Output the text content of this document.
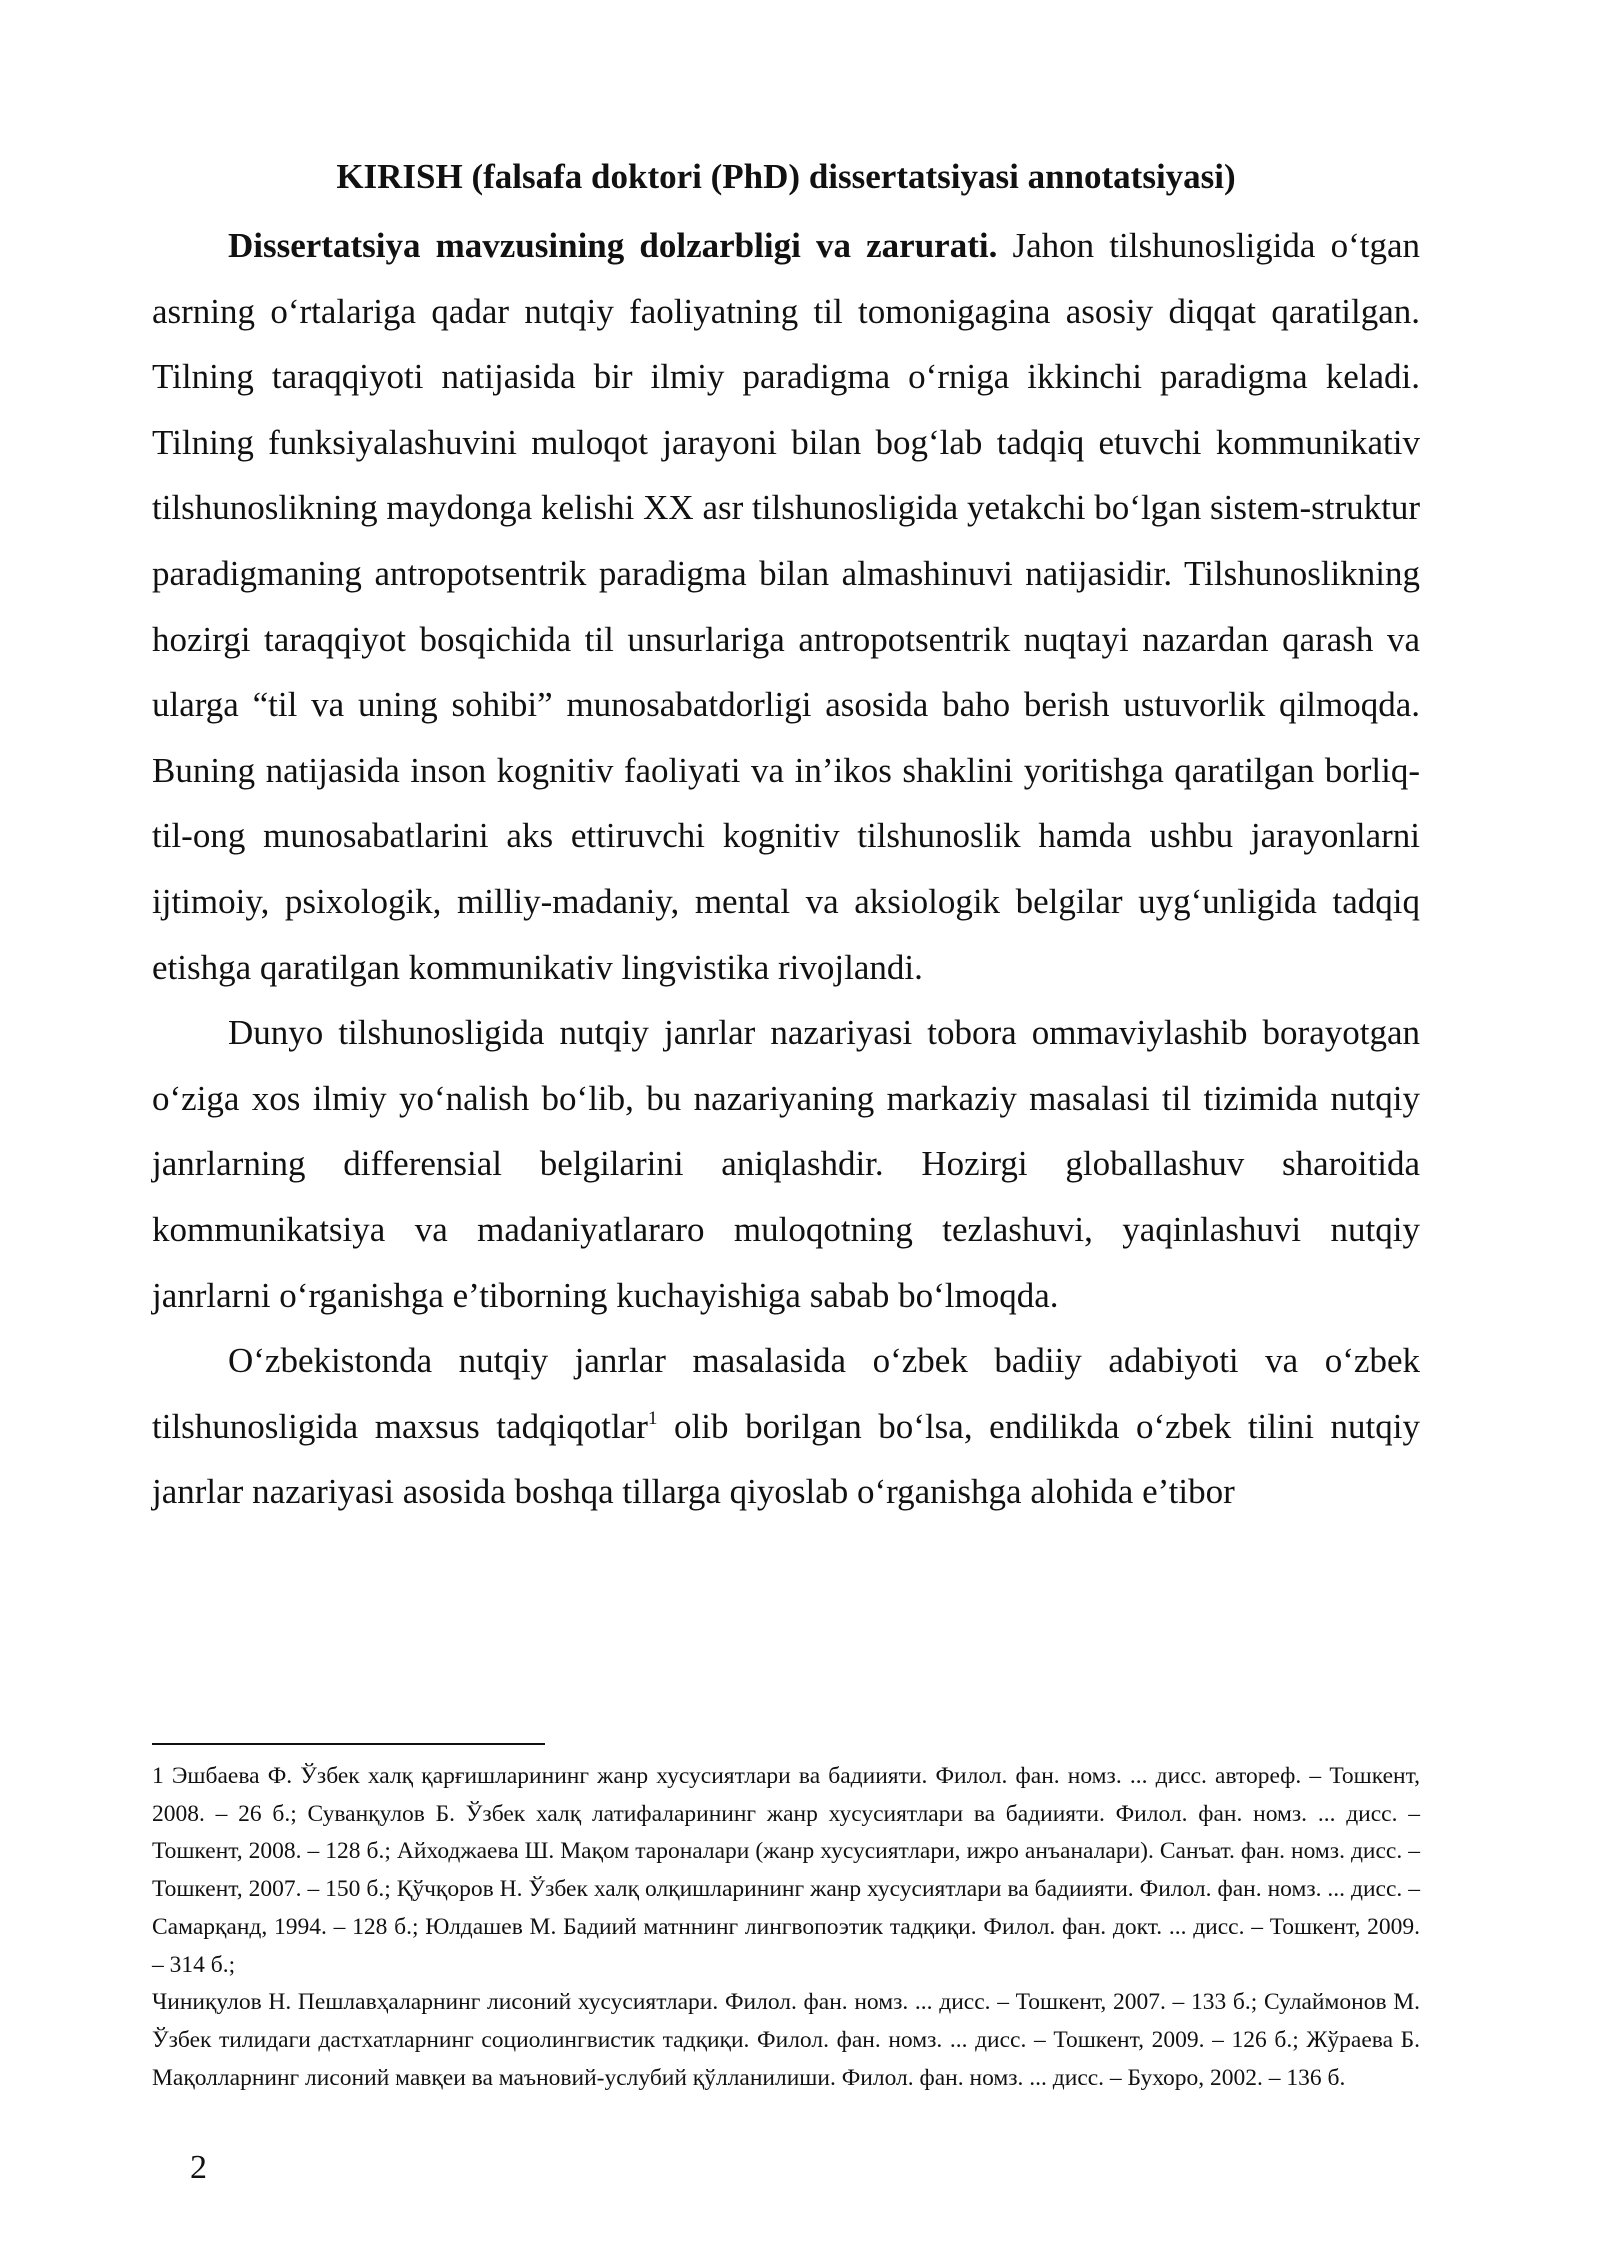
KIRISH (falsafa doktori (PhD) dissertatsiyasi annotatsiyasi)

Dissertatsiya mavzusining dolzarbligi va zarurati. Jahon tilshunosligida o‘tgan asrning o‘rtalariga qadar nutqiy faoliyatning til tomonigagina asosiy diqqat qaratilgan. Tilning taraqqiyoti natijasida bir ilmiy paradigma o‘rniga ikkinchi paradigma keladi. Tilning funksiyalashuvini muloqot jarayoni bilan bog‘lab tadqiq etuvchi kommunikativ tilshunoslikning maydonga kelishi XX asr tilshunosligida yetakchi bo‘lgan sistem-struktur paradigmaning antropotsentrik paradigma bilan almashinuvi natijasidir. Tilshunoslikning hozirgi taraqqiyot bosqichida til unsurlariga antropotsentrik nuqtayi nazardan qarash va ularga “til va uning sohibi” munosabatdorligi asosida baho berish ustuvorlik qilmoqda. Buning natijasida inson kognitiv faoliyati va in’ikos shaklini yoritishga qaratilgan borliq-til-ong munosabatlarini aks ettiruvchi kognitiv tilshunoslik hamda ushbu jarayonlarni ijtimoiy, psixologik, milliy-madaniy, mental va aksiologik belgilar uyg‘unligida tadqiq etishga qaratilgan kommunikativ lingvistika rivojlandi.

Dunyo tilshunosligida nutqiy janrlar nazariyasi tobora ommaviylashib borayotgan o‘ziga xos ilmiy yo‘nalish bo‘lib, bu nazariyaning markaziy masalasi til tizimida nutqiy janrlarning differensial belgilarini aniqlashdir. Hozirgi globallashuv sharoitida kommunikatsiya va madaniyatlararo muloqotning tezlashuvi, yaqinlashuvi nutqiy janrlarni o‘rganishga e’tiborning kuchayishiga sabab bo‘lmoqda.

O‘zbekistonda nutqiy janrlar masalasida o‘zbek badiiy adabiyoti va o‘zbek tilshunosligida maxsus tadqiqotlar$^1$ olib borilgan bo‘lsa, endilikda o‘zbek tilini nutqiy janrlar nazariyasi asosida boshqa tillarga qiyoslab o‘rganishga alohida e’tibor

1 Эшбаева Ф. Ўзбек халқ қарғишларининг жанр хусусиятлари ва бадиияти. Филол. фан. номз. ... дисс. автореф. – Тошкент, 2008. – 26 б.; Суванқулов Б. Ўзбек халқ латифаларининг жанр хусусиятлари ва бадиияти. Филол. фан. номз. ... дисс. – Тошкент, 2008. – 128 б.; Айходжаева Ш. Мақом тароналари (жанр хусусиятлари, ижро анъаналари). Санъат. фан. номз. дисс. – Тошкент, 2007. – 150 б.; Қўчқоров Н. Ўзбек халқ олқишларининг жанр хусусиятлари ва бадиияти. Филол. фан. номз. ... дисс. – Самарқанд, 1994. – 128 б.; Юлдашев М. Бадиий матннинг лингвопоэтик тадқиқи. Филол. фан. докт. ... дисс. – Тошкент, 2009. – 314 б.;

Чиниқулов Н. Пешлавҳаларнинг лисоний хусусиятлари. Филол. фан. номз. ... дисс. – Тошкент, 2007. – 133 б.; Сулаймонов М. Ўзбек тилидаги дастхатларнинг социолингвистик тадқиқи. Филол. фан. номз. ... дисс. – Тошкент, 2009. – 126 б.; Жўраева Б. Мақолларнинг лисоний мавқеи ва маъновий-услубий қўлланилиши. Филол. фан. номз. ... дисс. – Бухоро, 2002. – 136 б.

2
